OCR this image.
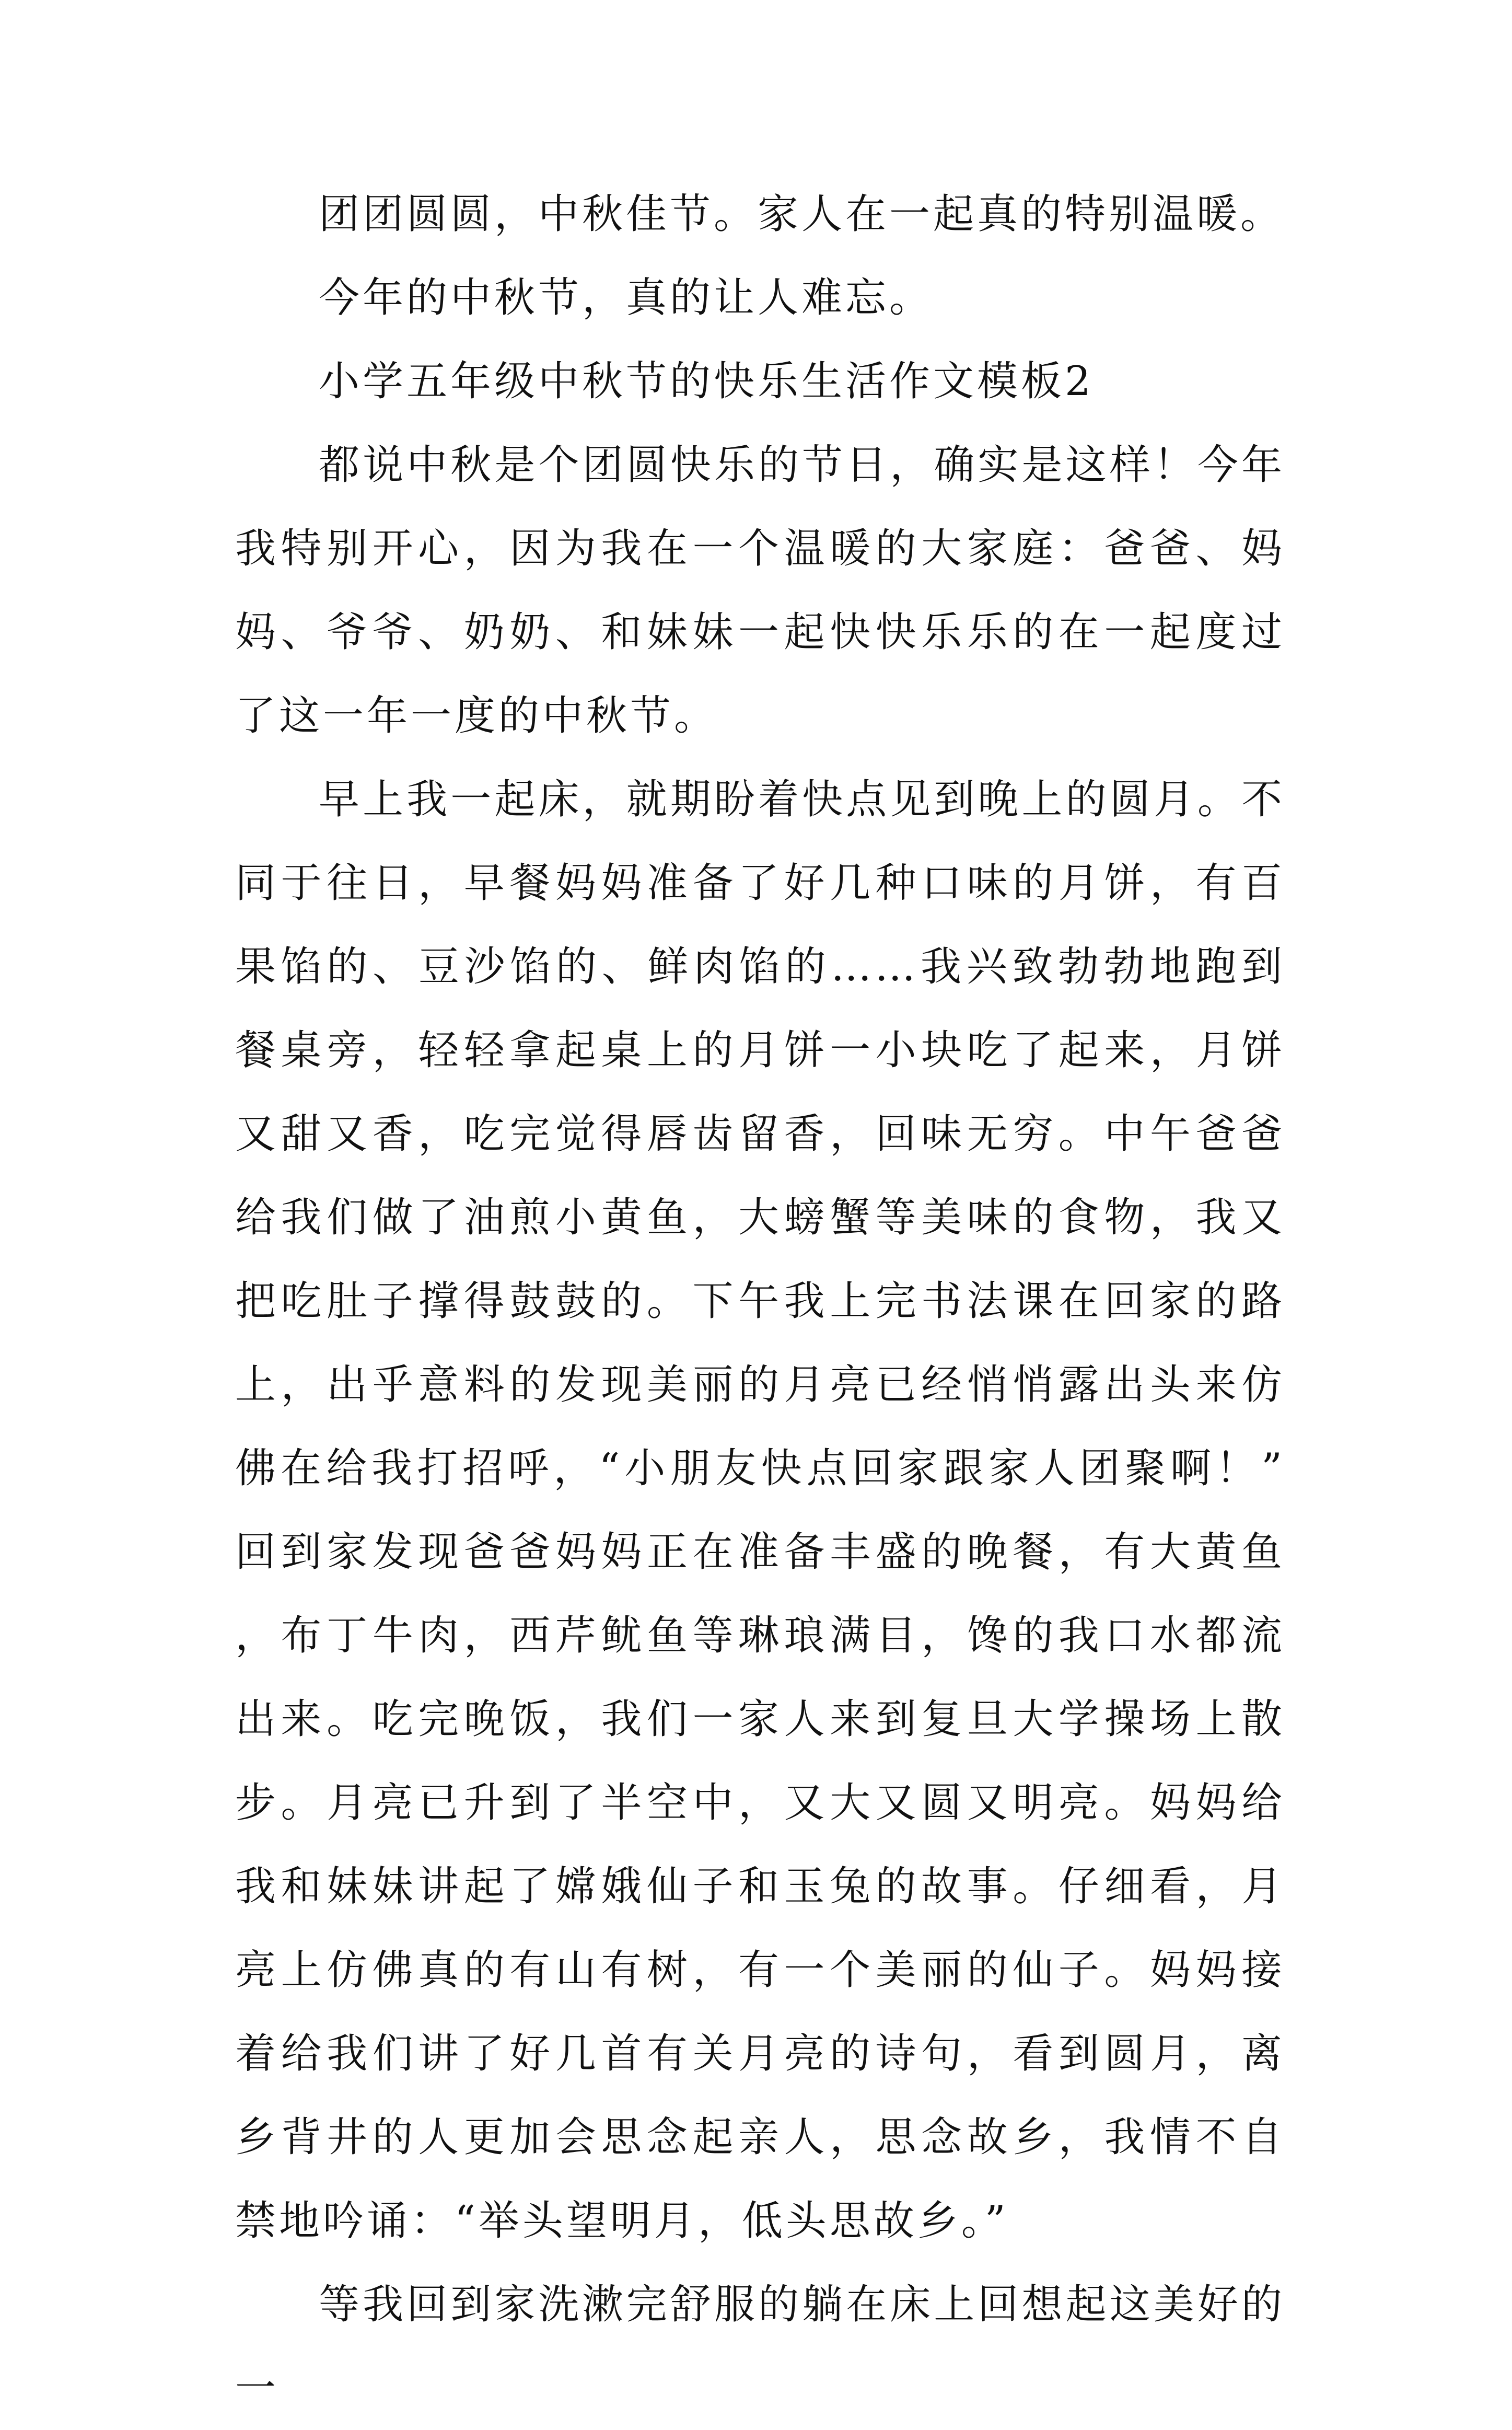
团团圆圆，中秋佳节。家人在一起真的特别温暖。

今年的中秋节，真的让人难忘。

小学五年级中秋节的快乐生活作文模板2

都说中秋是个团圆快乐的节日，确实是这样！今年我特别开心，因为我在一个温暖的大家庭：爸爸、妈妈、爷爷、奶奶、和妹妹一起快快乐乐的在一起度过了这一年一度的中秋节。

早上我一起床，就期盼着快点见到晚上的圆月。不同于往日，早餐妈妈准备了好几种口味的月饼，有百果馅的、豆沙馅的、鲜肉馅的……我兴致勃勃地跑到餐桌旁，轻轻拿起桌上的月饼一小块吃了起来，月饼又甜又香，吃完觉得唇齿留香，回味无穷。中午爸爸给我们做了油煎小黄鱼，大螃蟹等美味的食物，我又把吃肚子撑得鼓鼓的。下午我上完书法课在回家的路上，出乎意料的发现美丽的月亮已经悄悄露出头来仿佛在给我打招呼，“小朋友快点回家跟家人团聚啊！”回到家发现爸爸妈妈正在准备丰盛的晚餐，有大黄鱼，布丁牛肉，西芹鱿鱼等琳琅满目，馋的我口水都流出来。吃完晚饭，我们一家人来到复旦大学操场上散步。月亮已升到了半空中，又大又圆又明亮。妈妈给我和妹妹讲起了嫦娥仙子和玉兔的故事。仔细看，月亮上仿佛真的有山有树，有一个美丽的仙子。妈妈接着给我们讲了好几首有关月亮的诗句，看到圆月，离乡背井的人更加会思念起亲人，思念故乡，我情不自禁地吟诵：“举头望明月，低头思故乡。”

等我回到家洗漱完舒服的躺在床上回想起这美好的一
